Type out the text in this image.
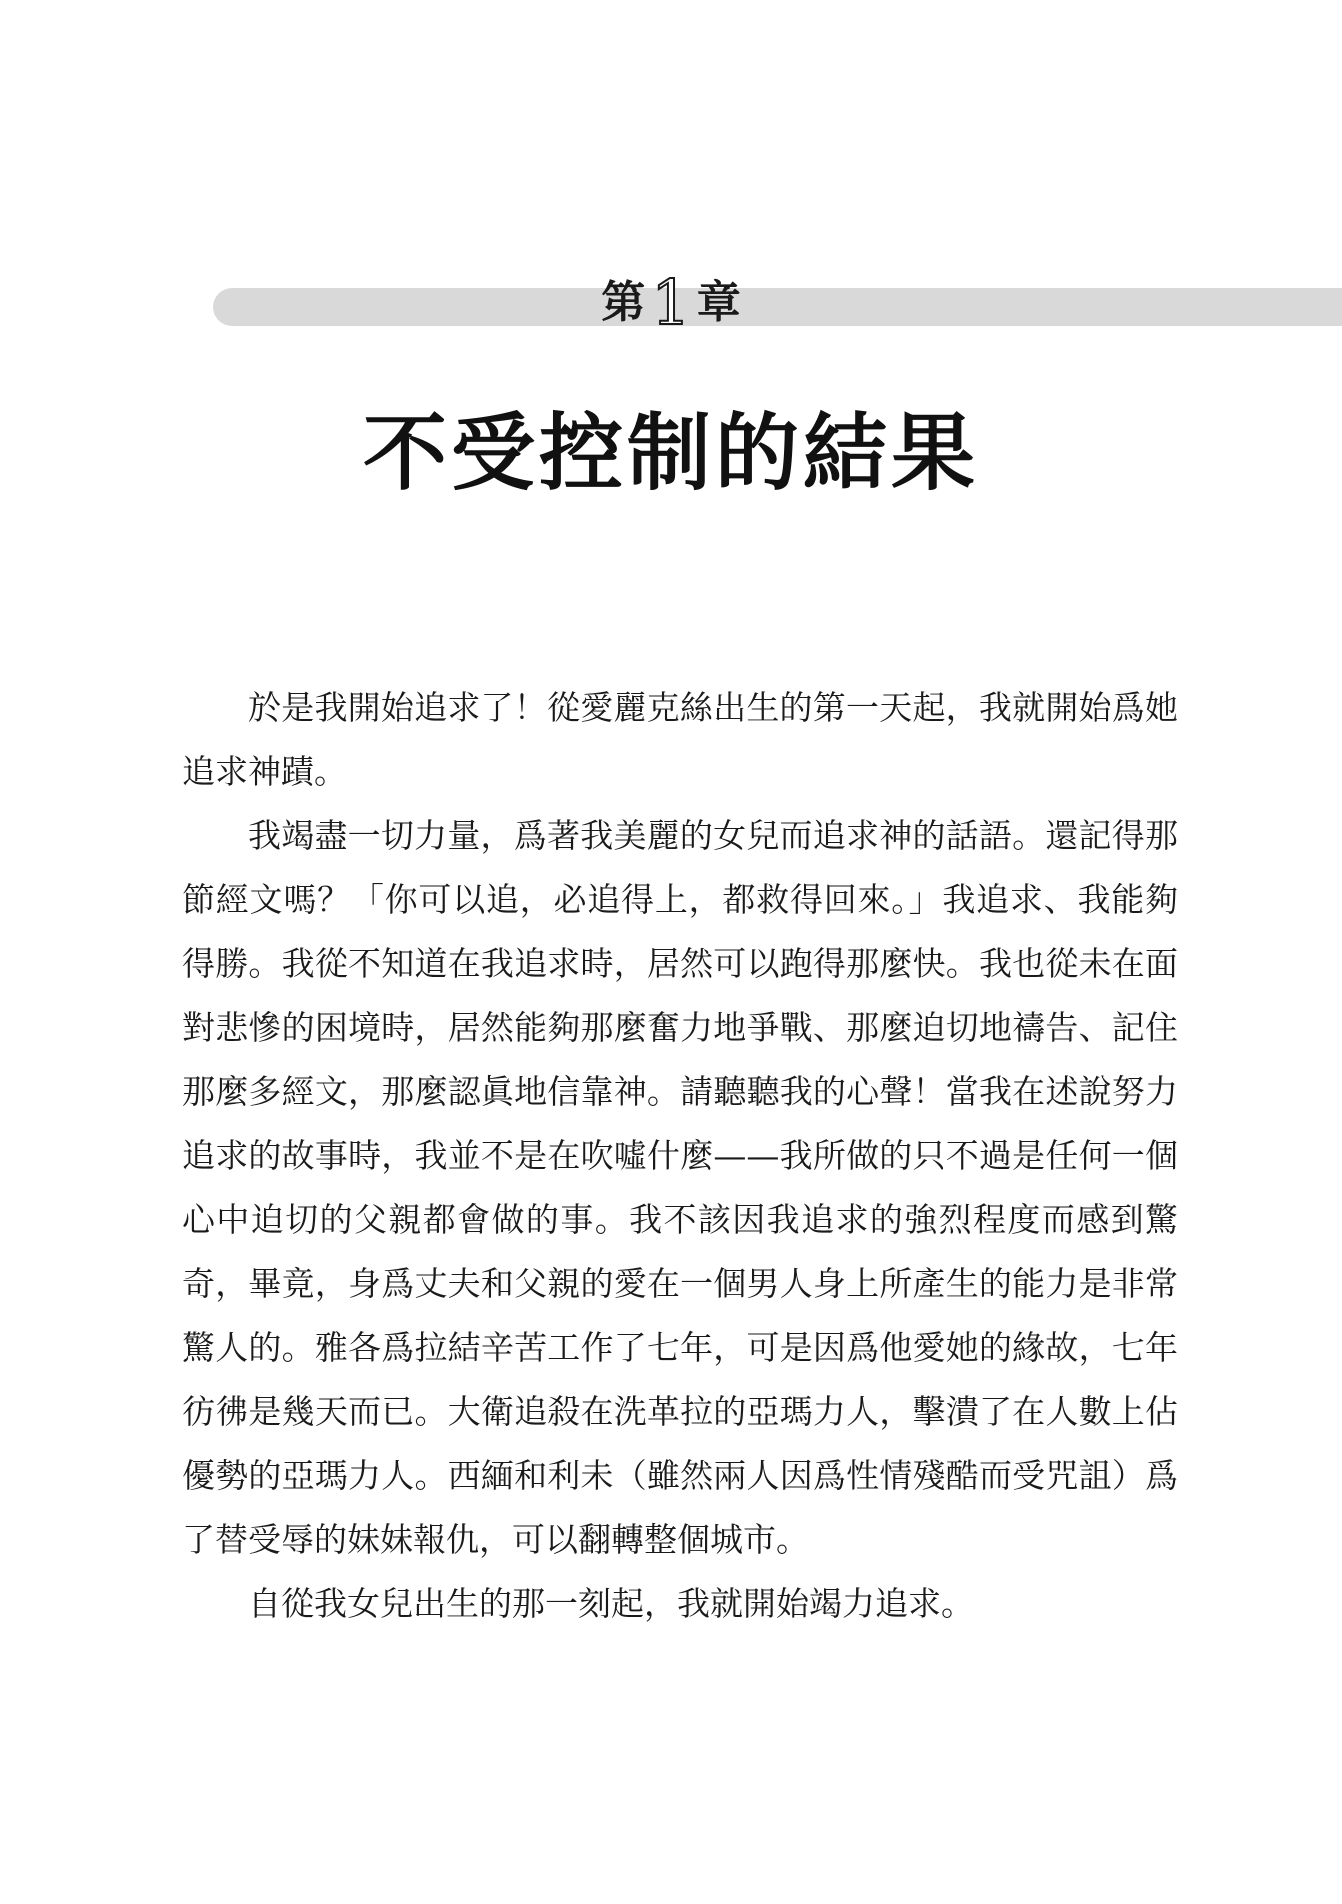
第1 章
不受控制的結果

於是我開始追求了！從愛麗克絲出生的第一天起，我就開始爲她追求神蹟。

我竭盡一切力量，爲著我美麗的女兒而追求神的話語。還記得那節經文嗎？「你可以追，必追得上，都救得回來。」我追求、我能夠得勝。我從不知道在我追求時，居然可以跑得那麼快。我也從未在面對悲慘的困境時，居然能夠那麼奮力地爭戰、那麼迫切地禱告、記住那麼多經文，那麼認眞地信靠神。請聽聽我的心聲！當我在述說努力追求的故事時，我並不是在吹噓什麼——我所做的只不過是任何一個心中迫切的父親都會做的事。我不該因我追求的強烈程度而感到驚奇，畢竟，身爲丈夫和父親的愛在一個男人身上所產生的能力是非常驚人的。雅各爲拉結辛苦工作了七年，可是因爲他愛她的緣故，七年彷彿是幾天而已。大衛追殺在洗革拉的亞瑪力人，擊潰了在人數上佔優勢的亞瑪力人。西緬和利未（雖然兩人因爲性情殘酷而受咒詛）爲了替受辱的妹妹報仇，可以翻轉整個城市。

自從我女兒出生的那一刻起，我就開始竭力追求。
